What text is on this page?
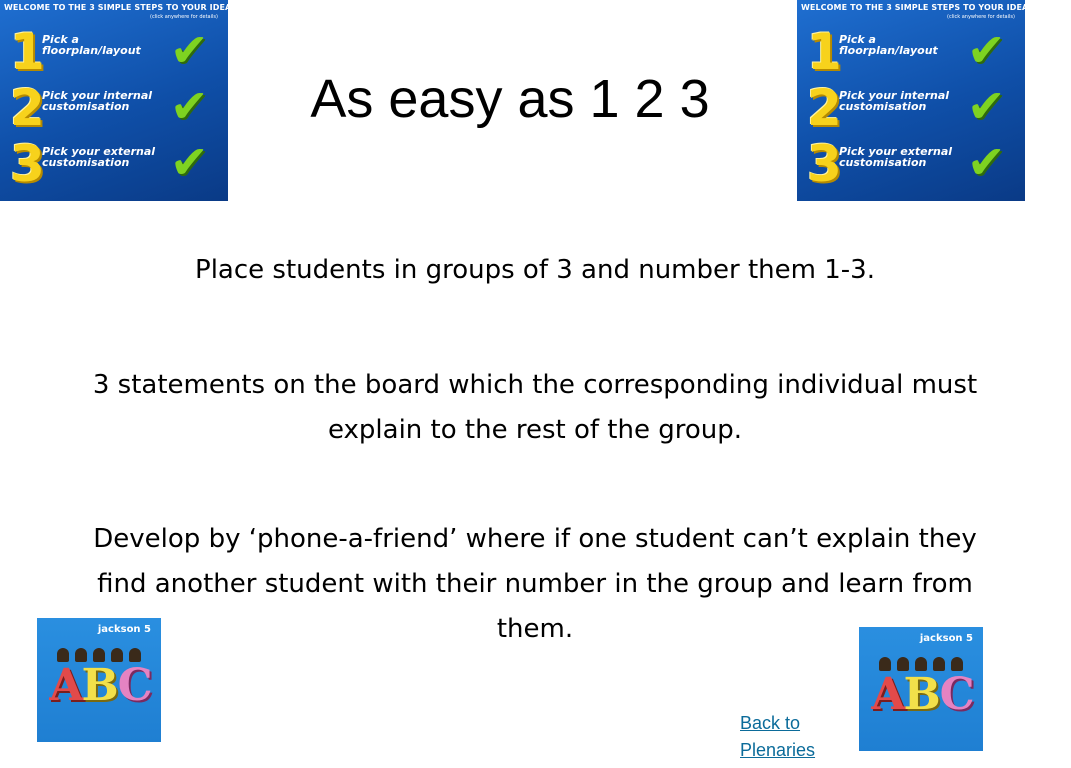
WELCOME TO THE 3 SIMPLE STEPS TO YOUR IDEAL DESIGN
(click anywhere for details)
1
Pick a floorplan/layout ✔
2
Pick your internal customisation ✔
3
Pick your external customisation ✔
WELCOME TO THE 3 SIMPLE STEPS TO YOUR IDEAL DESIGN
(click anywhere for details)
1
Pick a floorplan/layout ✔
2
Pick your internal customisation ✔
3
Pick your external customisation ✔
As easy as 1 2 3

Place students in groups of 3 and number them 1-3.

3 statements on the board which the corresponding individual must explain to the rest of the group.

Develop by ‘phone-a-friend’ where if one student can’t explain they find another student with their number in the group and learn from them.

jackson 5
ABC
jackson 5
ABC
Back to
Plenaries
